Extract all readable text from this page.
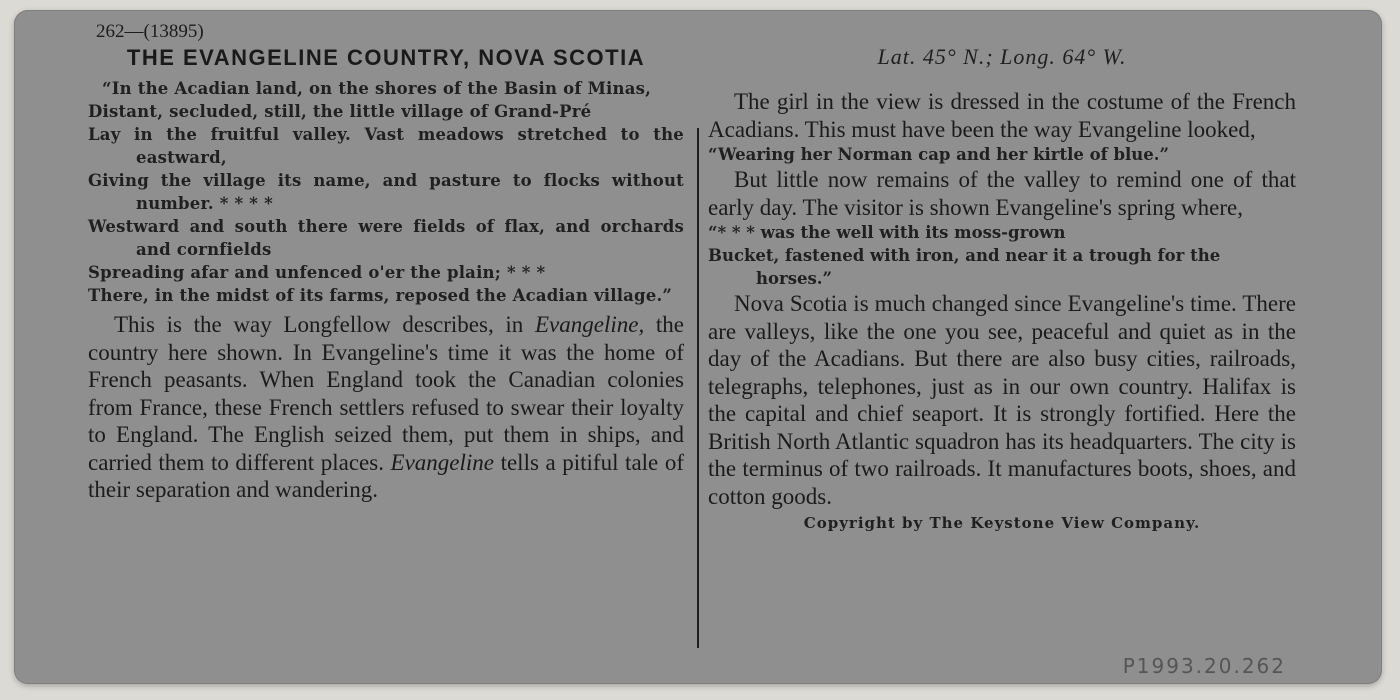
262—(13895)
THE EVANGELINE COUNTRY, NOVA SCOTIA
“In the Acadian land, on the shores of the Basin of Minas,
Distant, secluded, still, the little village of Grand-Pré
Lay in the fruitful valley. Vast meadows stretched to the eastward,
Giving the village its name, and pasture to flocks without number. * * * *
Westward and south there were fields of flax, and orchards and cornfields
Spreading afar and unfenced o'er the plain; * * *
There, in the midst of its farms, reposed the Acadian village.”

This is the way Longfellow describes, in Evangeline, the country here shown. In Evangeline's time it was the home of French peasants. When England took the Canadian colonies from France, these French settlers refused to swear their loyalty to England. The English seized them, put them in ships, and carried them to different places. Evangeline tells a pitiful tale of their separation and wandering.

Lat. 45° N.; Long. 64° W.

The girl in the view is dressed in the costume of the French Acadians. This must have been the way Evangeline looked,

“Wearing her Norman cap and her kirtle of blue.”

But little now remains of the valley to remind one of that early day. The visitor is shown Evangeline's spring where,

“* * * was the well with its moss-grown
Bucket, fastened with iron, and near it a trough for the horses.”

Nova Scotia is much changed since Evangeline's time. There are valleys, like the one you see, peaceful and quiet as in the day of the Acadians. But there are also busy cities, railroads, telegraphs, telephones, just as in our own country. Halifax is the capital and chief seaport. It is strongly fortified. Here the British North Atlantic squadron has its headquarters. The city is the terminus of two railroads. It manufactures boots, shoes, and cotton goods.

Copyright by The Keystone View Company.
P1993.20.262
